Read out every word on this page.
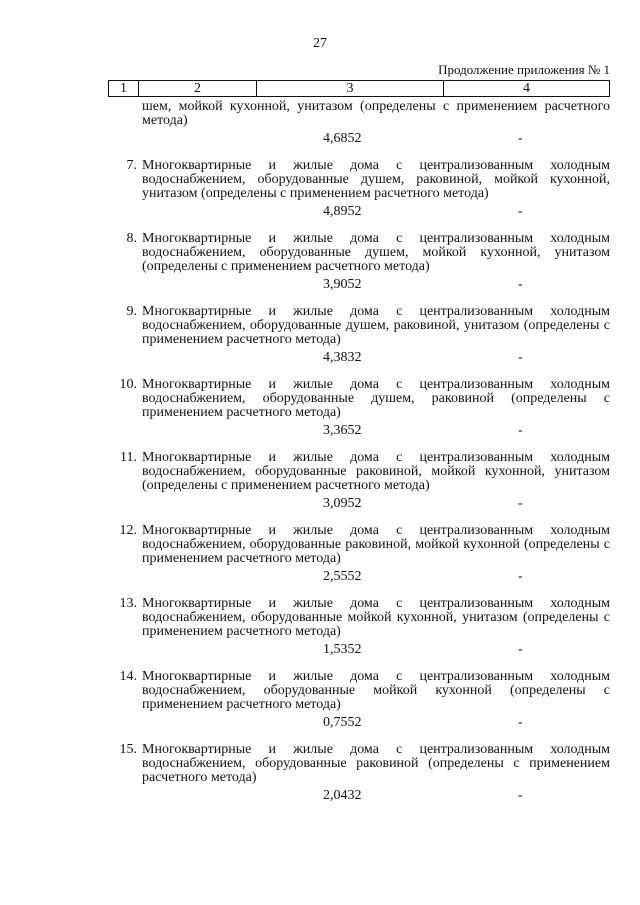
27
Продолжение приложения № 1
1	2	3	4
шем, мойкой кухонной, унитазом (определены с применением расчетного метода)
4,6852	-
7. Многоквартирные и жилые дома с централизованным холодным водоснабжением, оборудованные душем, раковиной, мойкой кухонной, унитазом (определены с применением расчетного метода)
4,8952	-
8. Многоквартирные и жилые дома с централизованным холодным водоснабжением, оборудованные душем, мойкой кухонной, унитазом (определены с применением расчетного метода)
3,9052	-
9. Многоквартирные и жилые дома с централизованным холодным водоснабжением, оборудованные душем, раковиной, унитазом (определены с применением расчетного метода)
4,3832	-
10. Многоквартирные и жилые дома с централизованным холодным водоснабжением, оборудованные душем, раковиной (определены с применением расчетного метода)
3,3652	-
11. Многоквартирные и жилые дома с централизованным холодным водоснабжением, оборудованные раковиной, мойкой кухонной, унитазом (определены с применением расчетного метода)
3,0952	-
12. Многоквартирные и жилые дома с централизованным холодным водоснабжением, оборудованные раковиной, мойкой кухонной (определены с применением расчетного метода)
2,5552	-
13. Многоквартирные и жилые дома с централизованным холодным водоснабжением, оборудованные мойкой кухонной, унитазом (определены с применением расчетного метода)
1,5352	-
14. Многоквартирные и жилые дома с централизованным холодным водоснабжением, оборудованные мойкой кухонной (определены с применением расчетного метода)
0,7552	-
15. Многоквартирные и жилые дома с централизованным холодным водоснабжением, оборудованные раковиной (определены с применением расчетного метода)
2,0432	-
